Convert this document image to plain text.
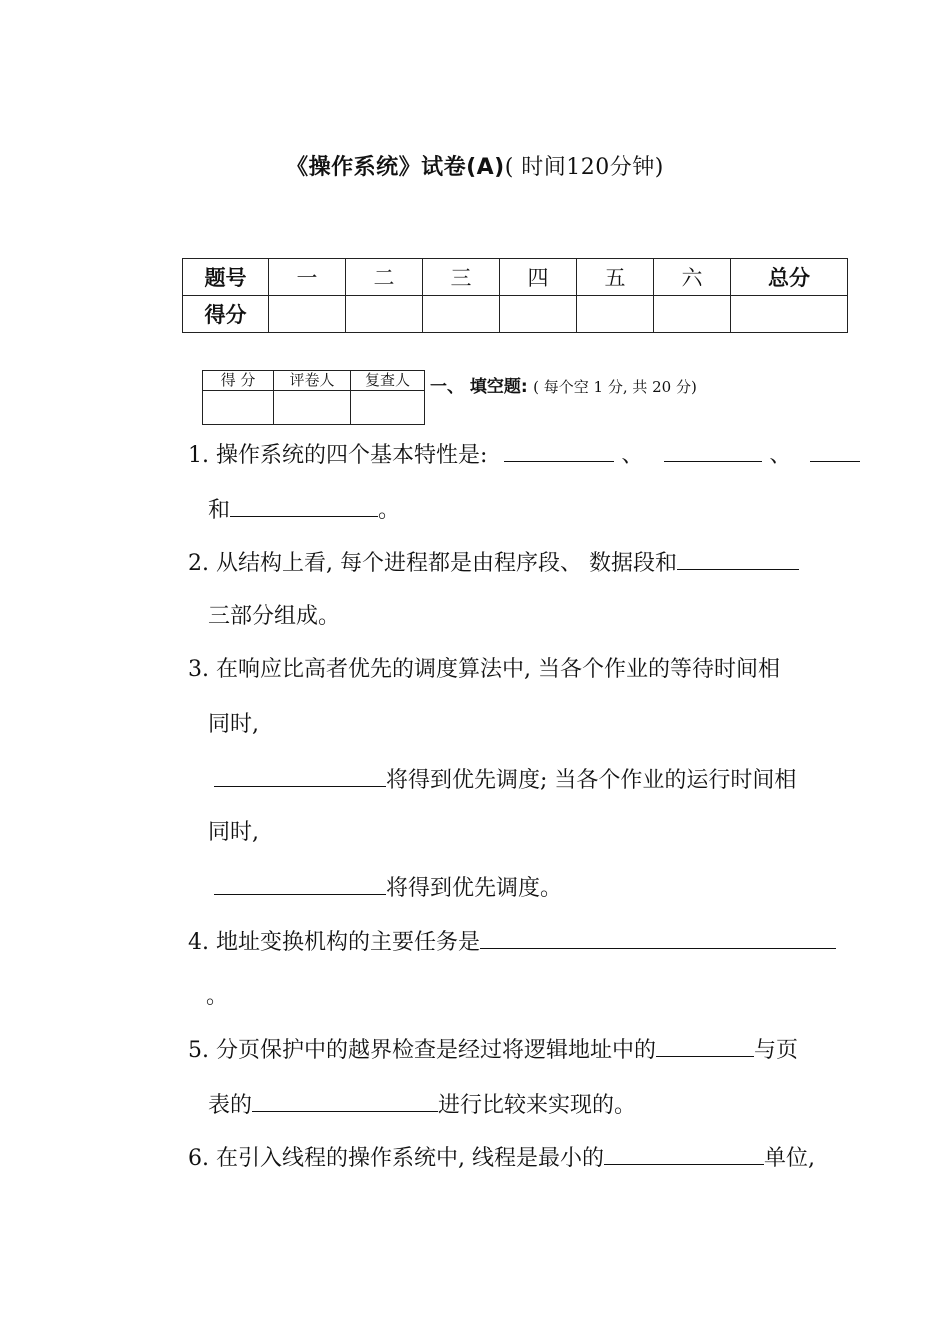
《操作系统》试卷(A)( 时间120分钟)
题号	一	二	三	四	五	六	总分
得分							
得 分	评卷人	复查人
		一、 填空题: ( 每个空 1 分, 共 20 分)
1. 操作系统的四个基本特性是:	、	、
和	。
2. 从结构上看, 每个进程都是由程序段、 数据段和
三部分组成。
3. 在响应比高者优先的调度算法中, 当各个作业的等待时间相
同时,
将得到优先调度; 当各个作业的运行时间相
同时,
将得到优先调度。
4. 地址变换机构的主要任务是
。
5. 分页保护中的越界检查是经过将逻辑地址中的	与页
表的	进行比较来实现的。
6. 在引入线程的操作系统中, 线程是最小的	单位,
